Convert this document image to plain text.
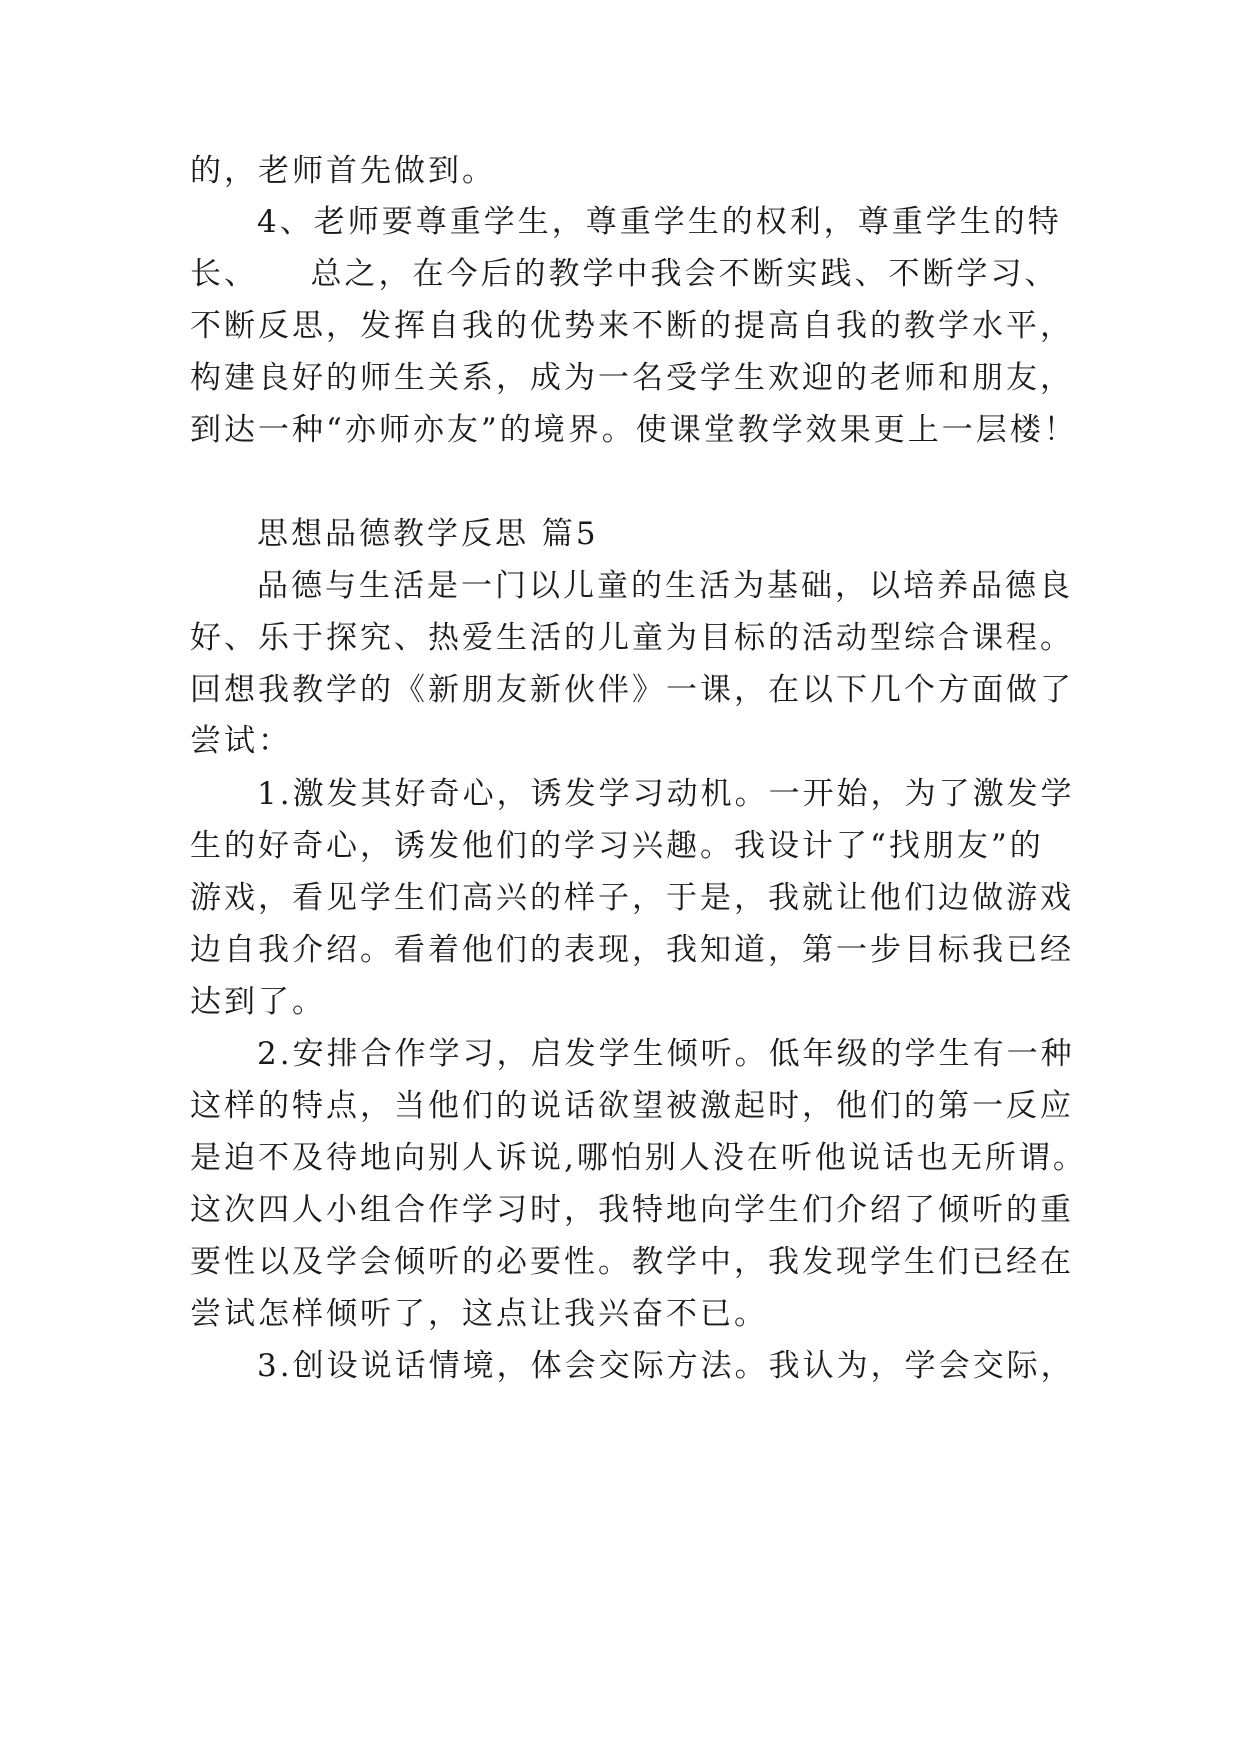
的，老师首先做到。
4、老师要尊重学生，尊重学生的权利，尊重学生的特
长、　　总之，在今后的教学中我会不断实践、不断学习、
不断反思，发挥自我的优势来不断的提高自我的教学水平，
构建良好的师生关系，成为一名受学生欢迎的老师和朋友，
到达一种“亦师亦友”的境界。使课堂教学效果更上一层楼！
思想品德教学反思 篇5
品德与生活是一门以儿童的生活为基础，以培养品德良
好、乐于探究、热爱生活的儿童为目标的活动型综合课程。
回想我教学的《新朋友新伙伴》一课，在以下几个方面做了
尝试：
1.激发其好奇心，诱发学习动机。一开始，为了激发学
生的好奇心，诱发他们的学习兴趣。我设计了“找朋友”的
游戏，看见学生们高兴的样子，于是，我就让他们边做游戏
边自我介绍。看着他们的表现，我知道，第一步目标我已经
达到了。
2.安排合作学习，启发学生倾听。低年级的学生有一种
这样的特点，当他们的说话欲望被激起时，他们的第一反应
是迫不及待地向别人诉说,哪怕别人没在听他说话也无所谓。
这次四人小组合作学习时，我特地向学生们介绍了倾听的重
要性以及学会倾听的必要性。教学中，我发现学生们已经在
尝试怎样倾听了，这点让我兴奋不已。
3.创设说话情境，体会交际方法。我认为，学会交际，
